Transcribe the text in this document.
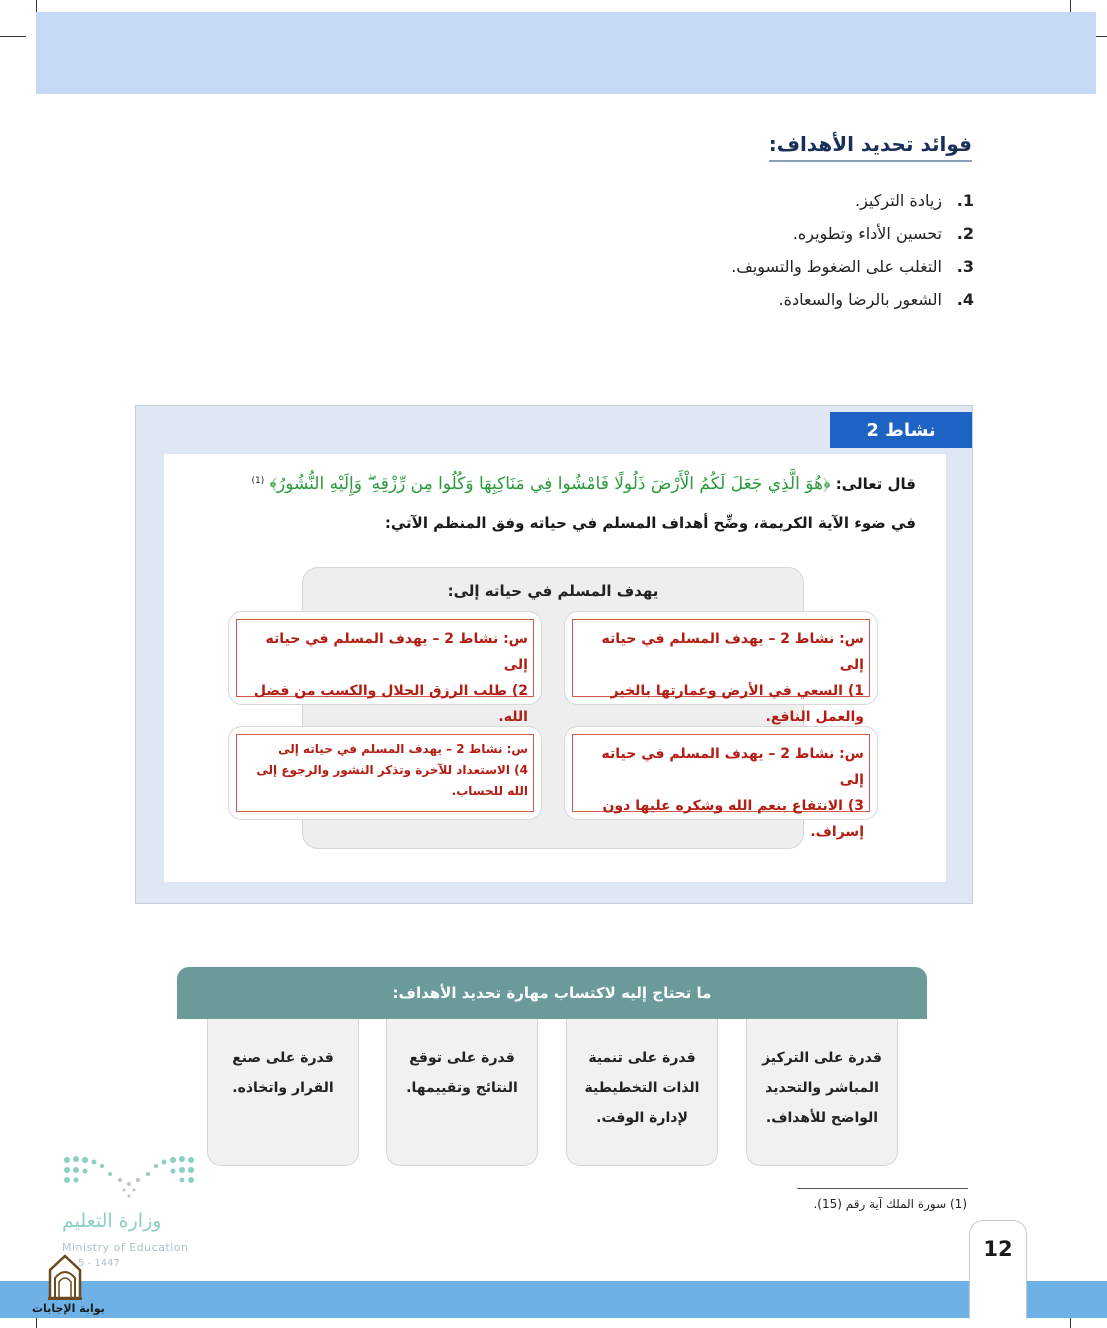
فوائد تحديد الأهداف:
1.
زيادة التركيز.
2.
تحسين الأداء وتطويره.
3.
التغلب على الضغوط والتسويف.
4.
الشعور بالرضا والسعادة.
نشاط 2
قال تعالى: ﴿هُوَ الَّذِي جَعَلَ لَكُمُ الْأَرْضَ ذَلُولًا فَامْشُوا فِي مَنَاكِبِهَا وَكُلُوا مِن رِّزْقِهِ ۖ وَإِلَيْهِ النُّشُورُ﴾ $^{(1)}$
في ضوء الآية الكريمة، وضِّح أهداف المسلم في حياته وفق المنظم الآتي:
يهدف المسلم في حياته إلى:
س: نشاط 2 – يهدف المسلم في حياته إلى
1) السعي في الأرض وعمارتها بالخير والعمل النافع.
س: نشاط 2 – يهدف المسلم في حياته إلى
2) طلب الرزق الحلال والكسب من فضل الله.
س: نشاط 2 – يهدف المسلم في حياته إلى
3) الانتفاع بنعم الله وشكره عليها دون إسراف.
س: نشاط 2 – يهدف المسلم في حياته إلى
4) الاستعداد للآخرة وتذكر النشور والرجوع إلى الله للحساب.
ما تحتاج إليه لاكتساب مهارة تحديد الأهداف:
قدرة على التركيز المباشر والتحديد الواضح للأهداف.
قدرة على تنمية الذات التخطيطية لإدارة الوقت.
قدرة على توقع النتائج وتقييمها.
قدرة على صنع القرار واتخاذه.
(1) سورة الملك آية رقم (15).
12
وزارة التعليم
Ministry of Education
5 - 1447
بوابة الإجابات
